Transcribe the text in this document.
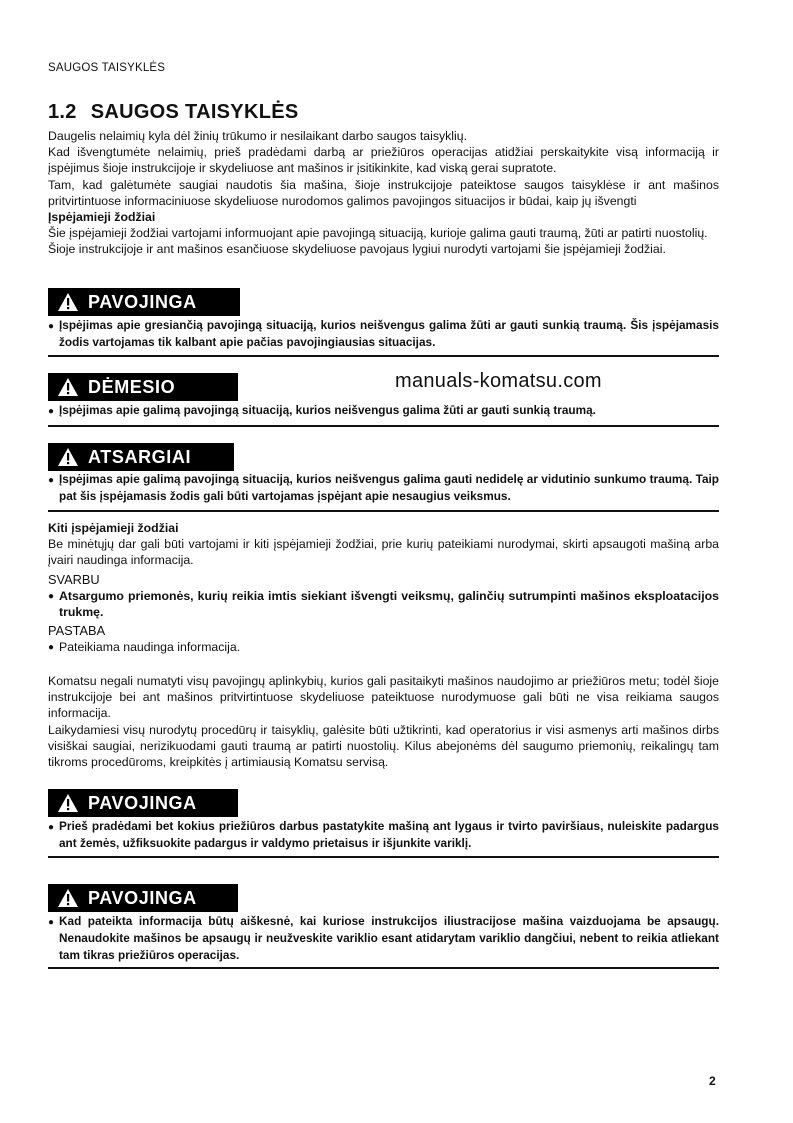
SAUGOS TAISYKLĖS
1.2 SAUGOS TAISYKLĖS
Daugelis nelaimių kyla dėl žinių trūkumo ir nesilaikant darbo saugos taisyklių.
Kad išvengtumėte nelaimių, prieš pradėdami darbą ar priežiūros operacijas atidžiai perskaitykite visą informaciją ir įspėjimus šioje instrukcijoje ir skydeliuose ant mašinos ir įsitikinkite, kad viską gerai supratote.
Tam, kad galėtumėte saugiai naudotis šia mašina, šioje instrukcijoje pateiktose saugos taisyklėse ir ant mašinos pritvirtintuose informaciniuose skydeliuose nurodomos galimos pavojingos situacijos ir būdai, kaip jų išvengti
Įspėjamieji žodžiai
Šie įspėjamieji žodžiai vartojami informuojant apie pavojingą situaciją, kurioje galima gauti traumą, žūti ar patirti nuostolių.
Šioje instrukcijoje ir ant mašinos esančiuose skydeliuose pavojaus lygiui nurodyti vartojami šie įspėjamieji žodžiai.
PAVOJINGA
● Įspėjimas apie gresiančią pavojingą situaciją, kurios neišvengus galima žūti ar gauti sunkią traumą. Šis įspėjamasis žodis vartojamas tik kalbant apie pačias pavojingiausias situacijas.
DĖMESIO	manuals-komatsu.com
● Įspėjimas apie galimą pavojingą situaciją, kurios neišvengus galima žūti ar gauti sunkią traumą.
ATSARGIAI
● Įspėjimas apie galimą pavojingą situaciją, kurios neišvengus galima gauti nedidelę ar vidutinio sunkumo traumą. Taip pat šis įspėjamasis žodis gali būti vartojamas įspėjant apie nesaugius veiksmus.
Kiti įspėjamieji žodžiai
Be minėtųjų dar gali būti vartojami ir kiti įspėjamieji žodžiai, prie kurių pateikiami nurodymai, skirti apsaugoti mašiną arba įvairi naudinga informacija.
SVARBU
● Atsargumo priemonės, kurių reikia imtis siekiant išvengti veiksmų, galinčių sutrumpinti mašinos eksploatacijos trukmę.
PASTABA
● Pateikiama naudinga informacija.
Komatsu negali numatyti visų pavojingų aplinkybių, kurios gali pasitaikyti mašinos naudojimo ar priežiūros metu; todėl šioje instrukcijoje bei ant mašinos pritvirtintuose skydeliuose pateiktuose nurodymuose gali būti ne visa reikiama saugos informacija.
Laikydamiesi visų nurodytų procedūrų ir taisyklių, galėsite būti užtikrinti, kad operatorius ir visi asmenys arti mašinos dirbs visiškai saugiai, nerizikuodami gauti traumą ar patirti nuostolių. Kilus abejonėms dėl saugumo priemonių, reikalingų tam tikroms procedūroms, kreipkitės į artimiausią Komatsu servisą.
PAVOJINGA
● Prieš pradėdami bet kokius priežiūros darbus pastatykite mašiną ant lygaus ir tvirto paviršiaus, nuleiskite padargus ant žemės, užfiksuokite padargus ir valdymo prietaisus ir išjunkite variklį.
PAVOJINGA
● Kad pateikta informacija būtų aiškesnė, kai kuriose instrukcijos iliustracijose mašina vaizduojama be apsaugų. Nenaudokite mašinos be apsaugų ir neužveskite variklio esant atidarytam variklio dangčiui, nebent to reikia atliekant tam tikras priežiūros operacijas.
2
